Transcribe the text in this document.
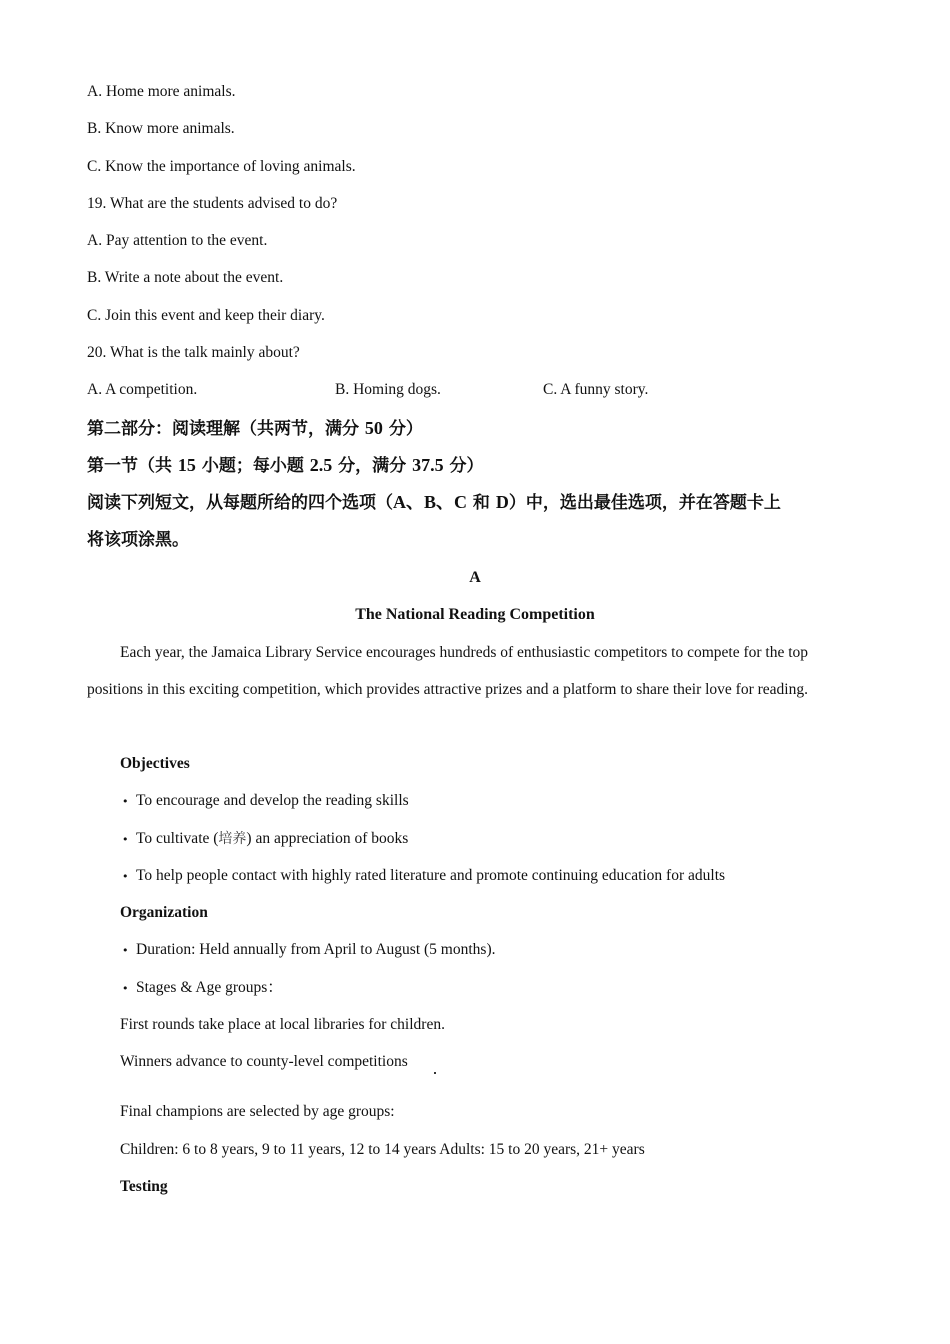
A. Home more animals.
B. Know more animals.
C. Know the importance of loving animals.
19. What are the students advised to do?
A. Pay attention to the event.
B. Write a note about the event.
C. Join this event and keep their diary.
20. What is the talk mainly about?
A. A competition.	B. Homing dogs.	C. A funny story.
第二部分：阅读理解（共两节，满分 50 分）
第一节（共 15 小题；每小题 2.5 分，满分 37.5 分）
阅读下列短文，从每题所给的四个选项（A、B、C 和 D）中，选出最佳选项，并在答题卡上
将该项涂黑。
A
The National Reading Competition
Each year, the Jamaica Library Service encourages hundreds of enthusiastic competitors to compete for the top positions in this exciting competition, which provides attractive prizes and a platform to share their love for reading.
Objectives
• To encourage and develop the reading skills
• To cultivate (培养) an appreciation of books
• To help people contact with highly rated literature and promote continuing education for adults
Organization
• Duration: Held annually from April to August (5 months).
• Stages & Age groups：
First rounds take place at local libraries for children.
Winners advance to county-level competitions
Final champions are selected by age groups:
Children: 6 to 8 years, 9 to 11 years, 12 to 14 years Adults: 15 to 20 years, 21+ years
Testing
